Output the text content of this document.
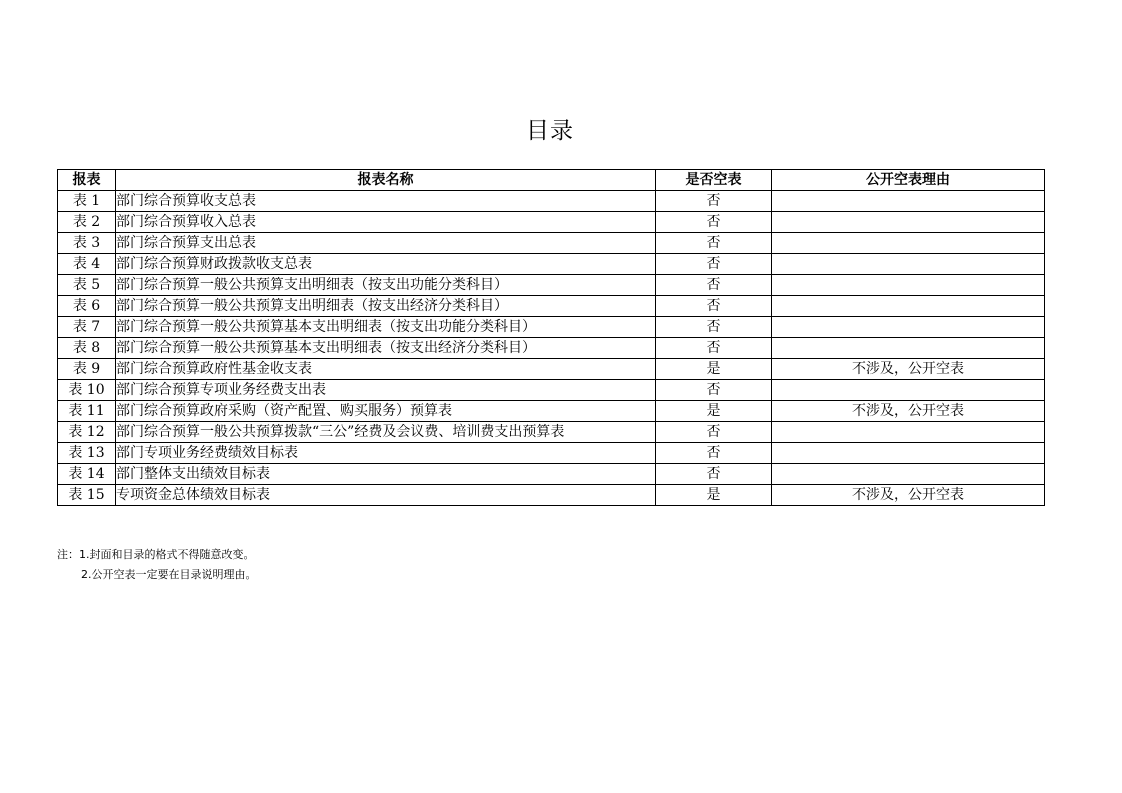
目录
报表	报表名称	是否空表	公开空表理由
表 1	部门综合预算收支总表	否	
表 2	部门综合预算收入总表	否	
表 3	部门综合预算支出总表	否	
表 4	部门综合预算财政拨款收支总表	否	
表 5	部门综合预算一般公共预算支出明细表（按支出功能分类科目）	否	
表 6	部门综合预算一般公共预算支出明细表（按支出经济分类科目）	否	
表 7	部门综合预算一般公共预算基本支出明细表（按支出功能分类科目）	否	
表 8	部门综合预算一般公共预算基本支出明细表（按支出经济分类科目）	否	
表 9	部门综合预算政府性基金收支表	是	不涉及，公开空表
表 10	部门综合预算专项业务经费支出表	否	
表 11	部门综合预算政府采购（资产配置、购买服务）预算表	是	不涉及，公开空表
表 12	部门综合预算一般公共预算拨款“三公”经费及会议费、培训费支出预算表	否	
表 13	部门专项业务经费绩效目标表	否	
表 14	部门整体支出绩效目标表	否	
表 15	专项资金总体绩效目标表	是	不涉及，公开空表
注：1.封面和目录的格式不得随意改变。
2.公开空表一定要在目录说明理由。
